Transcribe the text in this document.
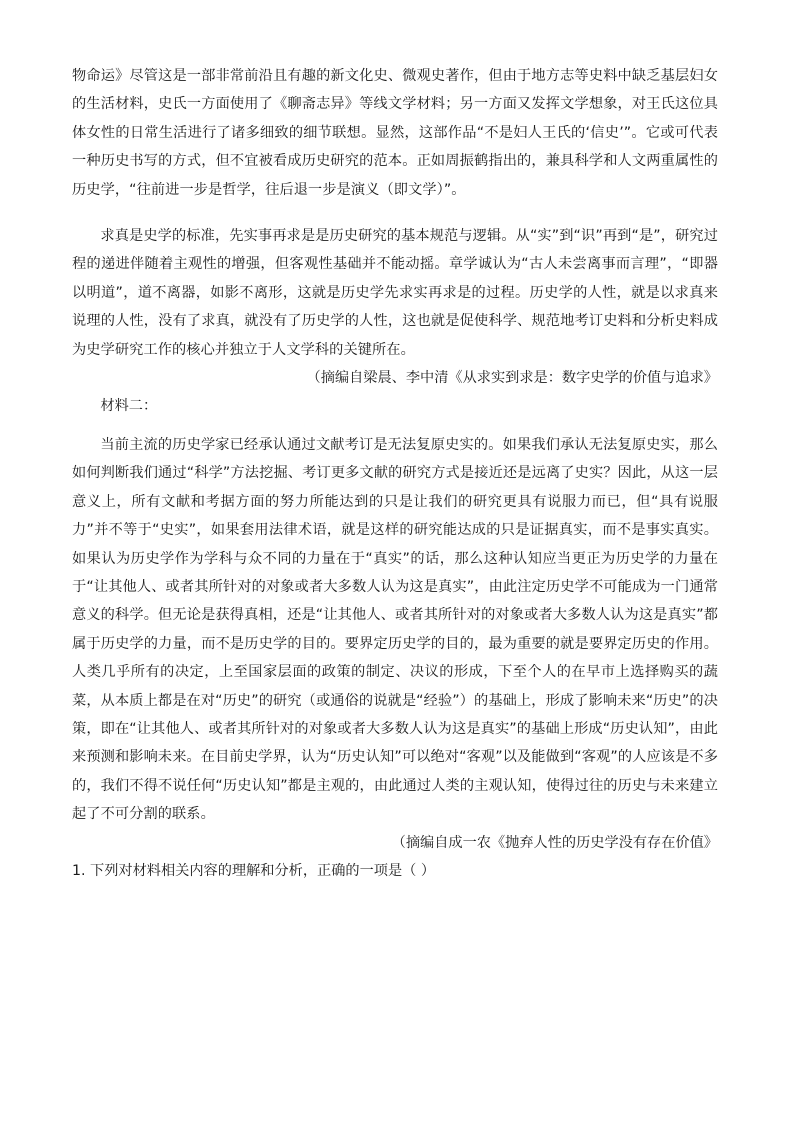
物命运》尽管这是一部非常前沿且有趣的新文化史、微观史著作，但由于地方志等史料中缺乏基层妇女的生活材料，史氏一方面使用了《聊斋志异》等线文学材料；另一方面又发挥文学想象，对王氏这位具体女性的日常生活进行了诸多细致的细节联想。显然，这部作品“不是妇人王氏的‘信史’”。它或可代表一种历史书写的方式，但不宜被看成历史研究的范本。正如周振鹤指出的，兼具科学和人文两重属性的历史学，“往前进一步是哲学，往后退一步是演义（即文学）”。

求真是史学的标准，先实事再求是是历史研究的基本规范与逻辑。从“实”到“识”再到“是”，研究过程的递进伴随着主观性的增强，但客观性基础并不能动摇。章学诚认为“古人未尝离事而言理”，“即器以明道”，道不离器，如影不离形，这就是历史学先求实再求是的过程。历史学的人性，就是以求真来说理的人性，没有了求真，就没有了历史学的人性，这也就是促使科学、规范地考订史料和分析史料成为史学研究工作的核心并独立于人文学科的关键所在。

（摘编自梁晨、李中清《从求实到求是：数字史学的价值与追求》

材料二：

当前主流的历史学家已经承认通过文献考订是无法复原史实的。如果我们承认无法复原史实，那么如何判断我们通过“科学”方法挖掘、考订更多文献的研究方式是接近还是远离了史实？因此，从这一层意义上，所有文献和考据方面的努力所能达到的只是让我们的研究更具有说服力而已，但“具有说服力”并不等于“史实”，如果套用法律术语，就是这样的研究能达成的只是证据真实，而不是事实真实。如果认为历史学作为学科与众不同的力量在于“真实”的话，那么这种认知应当更正为历史学的力量在于“让其他人、或者其所针对的对象或者大多数人认为这是真实”，由此注定历史学不可能成为一门通常意义的科学。但无论是获得真相，还是“让其他人、或者其所针对的对象或者大多数人认为这是真实”都属于历史学的力量，而不是历史学的目的。要界定历史学的目的，最为重要的就是要界定历史的作用。人类几乎所有的决定，上至国家层面的政策的制定、决议的形成，下至个人的在早市上选择购买的蔬菜，从本质上都是在对“历史”的研究（或通俗的说就是“经验”）的基础上，形成了影响未来“历史”的决策，即在“让其他人、或者其所针对的对象或者大多数人认为这是真实”的基础上形成“历史认知”，由此来预测和影响未来。在目前史学界，认为“历史认知”可以绝对“客观”以及能做到“客观”的人应该是不多的，我们不得不说任何“历史认知”都是主观的，由此通过人类的主观认知，使得过往的历史与未来建立起了不可分割的联系。

（摘编自成一农《抛弃人性的历史学没有存在价值》

1. 下列对材料相关内容的理解和分析，正确的一项是（ ）
